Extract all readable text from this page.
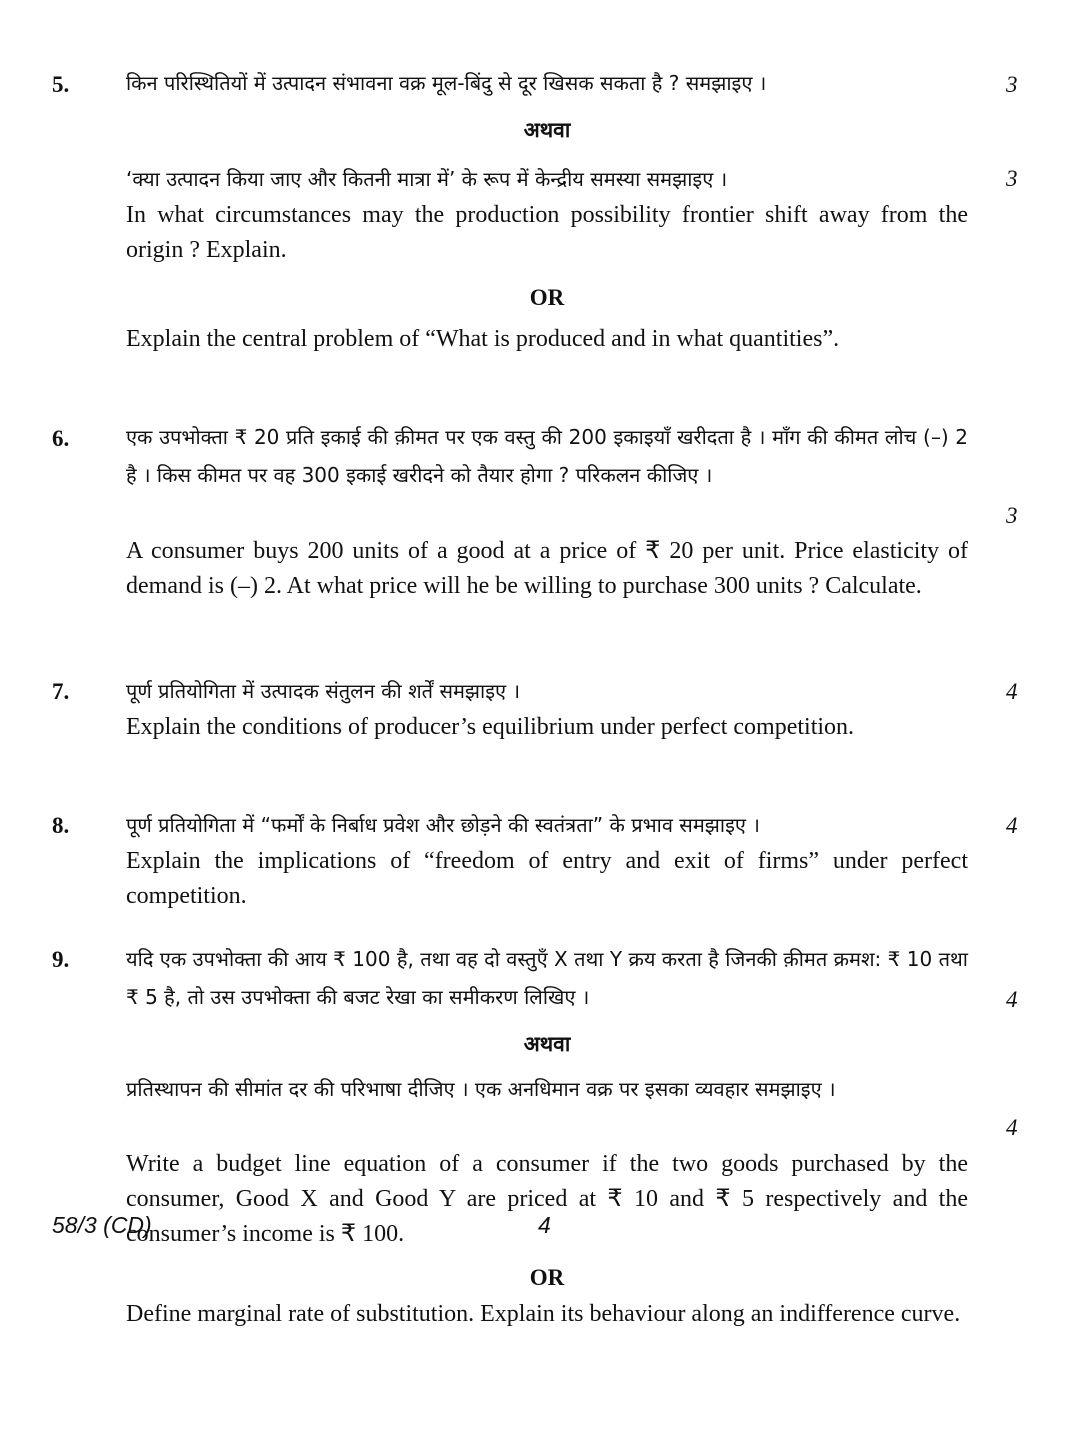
5.	किन परिस्थितियों में उत्पादन संभावना वक्र मूल-बिंदु से दूर खिसक सकता है ? समझाइए ।	3

अथवा

‘क्या उत्पादन किया जाए और कितनी मात्रा में’ के रूप में केन्द्रीय समस्या समझाइए ।	3

In what circumstances may the production possibility frontier shift away from the origin ? Explain.

OR

Explain the central problem of “What is produced and in what quantities”.

6.	एक उपभोक्ता ₹ 20 प्रति इकाई की क़ीमत पर एक वस्तु की 200 इकाइयाँ खरीदता है । माँग की कीमत लोच (–) 2 है । किस कीमत पर वह 300 इकाई खरीदने को तैयार होगा ? परिकलन कीजिए ।

3

A consumer buys 200 units of a good at a price of ₹ 20 per unit. Price elasticity of demand is (–) 2. At what price will he be willing to purchase 300 units ? Calculate.

7.	पूर्ण प्रतियोगिता में उत्पादक संतुलन की शर्तें समझाइए ।	4

Explain the conditions of producer’s equilibrium under perfect competition.

8.	पूर्ण प्रतियोगिता में “फर्मों के निर्बाध प्रवेश और छोड़ने की स्वतंत्रता” के प्रभाव समझाइए ।	4

Explain the implications of “freedom of entry and exit of firms” under perfect competition.

9.	यदि एक उपभोक्ता की आय ₹ 100 है, तथा वह दो वस्तुएँ X तथा Y क्रय करता है जिनकी क़ीमत क्रमश: ₹ 10 तथा ₹ 5 है, तो उस उपभोक्ता की बजट रेखा का समीकरण लिखिए ।	4

अथवा

प्रतिस्थापन की सीमांत दर की परिभाषा दीजिए । एक अनधिमान वक्र पर इसका व्यवहार समझाइए ।

4

Write a budget line equation of a consumer if the two goods purchased by the consumer, Good X and Good Y are priced at ₹ 10 and ₹ 5 respectively and the consumer’s income is ₹ 100.

OR

Define marginal rate of substitution. Explain its behaviour along an indifference curve.

58/3 (CD)	4
